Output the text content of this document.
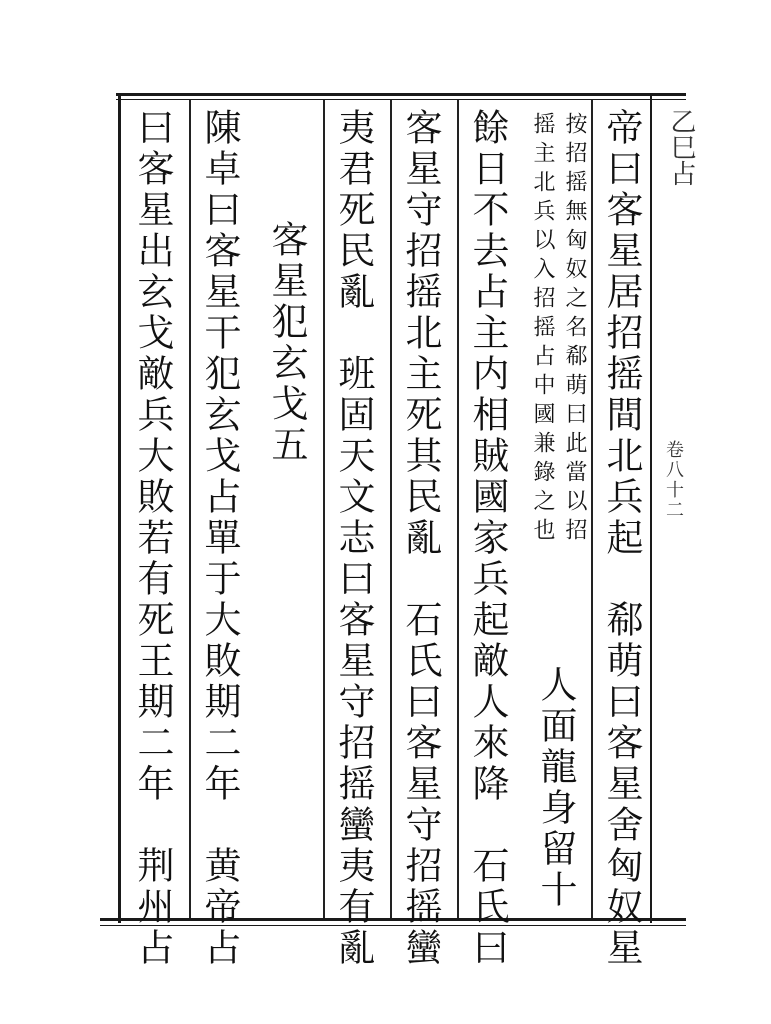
乙巳占
卷八十二
帝曰客星居招摇間北兵起　郗萌曰客星舍匈奴星
按招摇無匈奴之名郗萌曰此當以招
摇主北兵以入招摇占中國兼錄之也
人面龍身留十
餘日不去占主内相賊國家兵起敵人來降　石氏曰
客星守招摇北主死其民亂　石氏曰客星守招摇蠻
夷君死民亂　班固天文志曰客星守招摇蠻夷有亂
客星犯玄戈五
陳卓曰客星干犯玄戈占單于大敗期二年　黄帝占
曰客星出玄戈敵兵大敗若有死王期二年　荆州占
